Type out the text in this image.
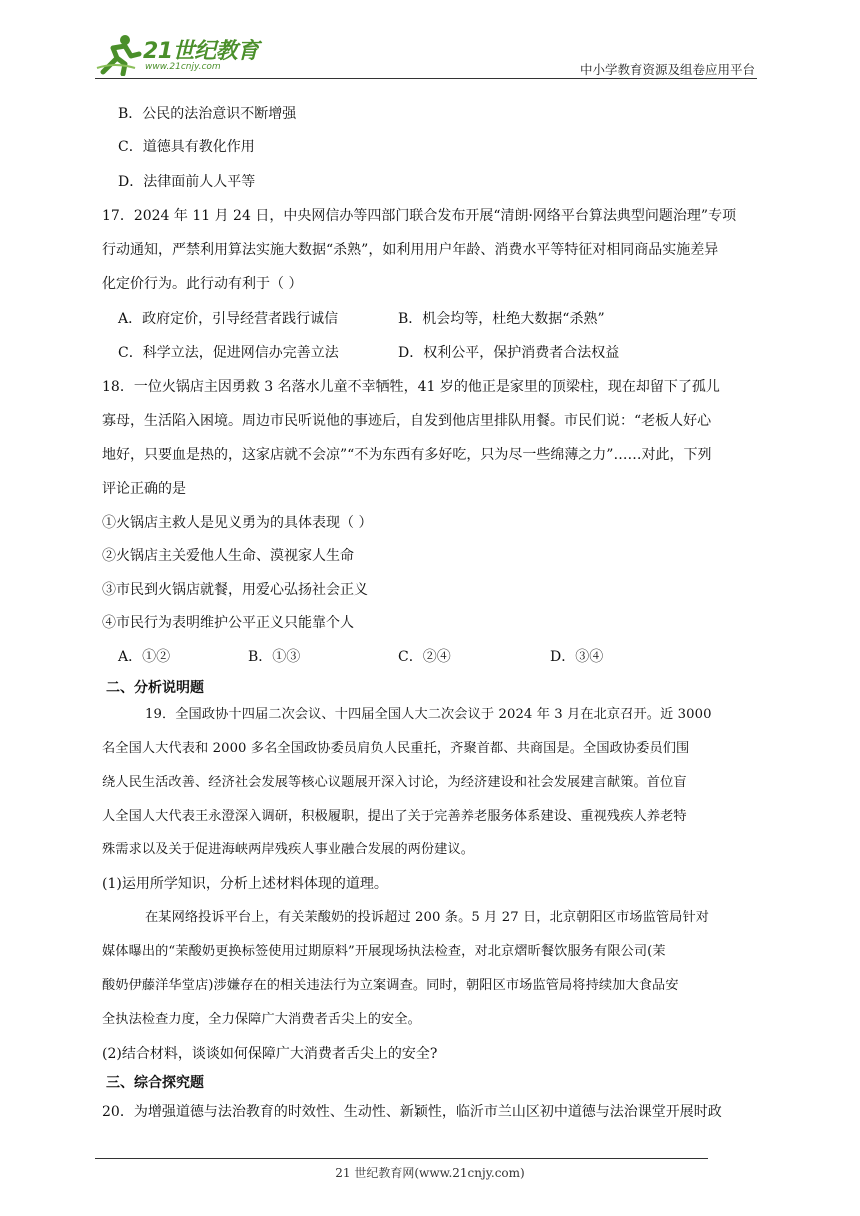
21世纪教育
www.21cnjy.com	中小学教育资源及组卷应用平台
B．公民的法治意识不断增强
C．道德具有教化作用
D．法律面前人人平等
17．2024 年 11 月 24 日，中央网信办等四部门联合发布开展“清朗·网络平台算法典型问题治理”专项
行动通知，严禁利用算法实施大数据“杀熟”，如利用用户年龄、消费水平等特征对相同商品实施差异
化定价行为。此行动有利于（ ）
A．政府定价，引导经营者践行诚信	B．机会均等，杜绝大数据“杀熟”
C．科学立法，促进网信办完善立法	D．权利公平，保护消费者合法权益
18．一位火锅店主因勇救 3 名落水儿童不幸牺牲，41 岁的他正是家里的顶梁柱，现在却留下了孤儿
寡母，生活陷入困境。周边市民听说他的事迹后，自发到他店里排队用餐。市民们说：“老板人好心
地好，只要血是热的，这家店就不会凉”“不为东西有多好吃，只为尽一些绵薄之力”……对此，下列
评论正确的是
①火锅店主救人是见义勇为的具体表现（ ）
②火锅店主关爱他人生命、漠视家人生命
③市民到火锅店就餐，用爱心弘扬社会正义
④市民行为表明维护公平正义只能靠个人
A．①②	B．①③	C．②④	D．③④
19．全国政协十四届二次会议、十四届全国人大二次会议于 2024 年 3 月在北京召开。近 3000
名全国人大代表和 2000 多名全国政协委员肩负人民重托，齐聚首都、共商国是。全国政协委员们围
绕人民生活改善、经济社会发展等核心议题展开深入讨论，为经济建设和社会发展建言献策。首位盲
人全国人大代表王永澄深入调研，积极履职，提出了关于完善养老服务体系建设、重视残疾人养老特
殊需求以及关于促进海峡两岸残疾人事业融合发展的两份建议。
(1)运用所学知识，分析上述材料体现的道理。
在某网络投诉平台上，有关茉酸奶的投诉超过 200 条。5 月 27 日，北京朝阳区市场监管局针对
媒体曝出的“茉酸奶更换标签使用过期原料”开展现场执法检查，对北京熠昕餐饮服务有限公司(茉
酸奶伊藤洋华堂店)涉嫌存在的相关违法行为立案调查。同时，朝阳区市场监管局将持续加大食品安
全执法检查力度，全力保障广大消费者舌尖上的安全。
(2)结合材料，谈谈如何保障广大消费者舌尖上的安全?
20．为增强道德与法治教育的时效性、生动性、新颖性，临沂市兰山区初中道德与法治课堂开展时政
二、分析说明题
三、综合探究题
21 世纪教育网(www.21cnjy.com)
